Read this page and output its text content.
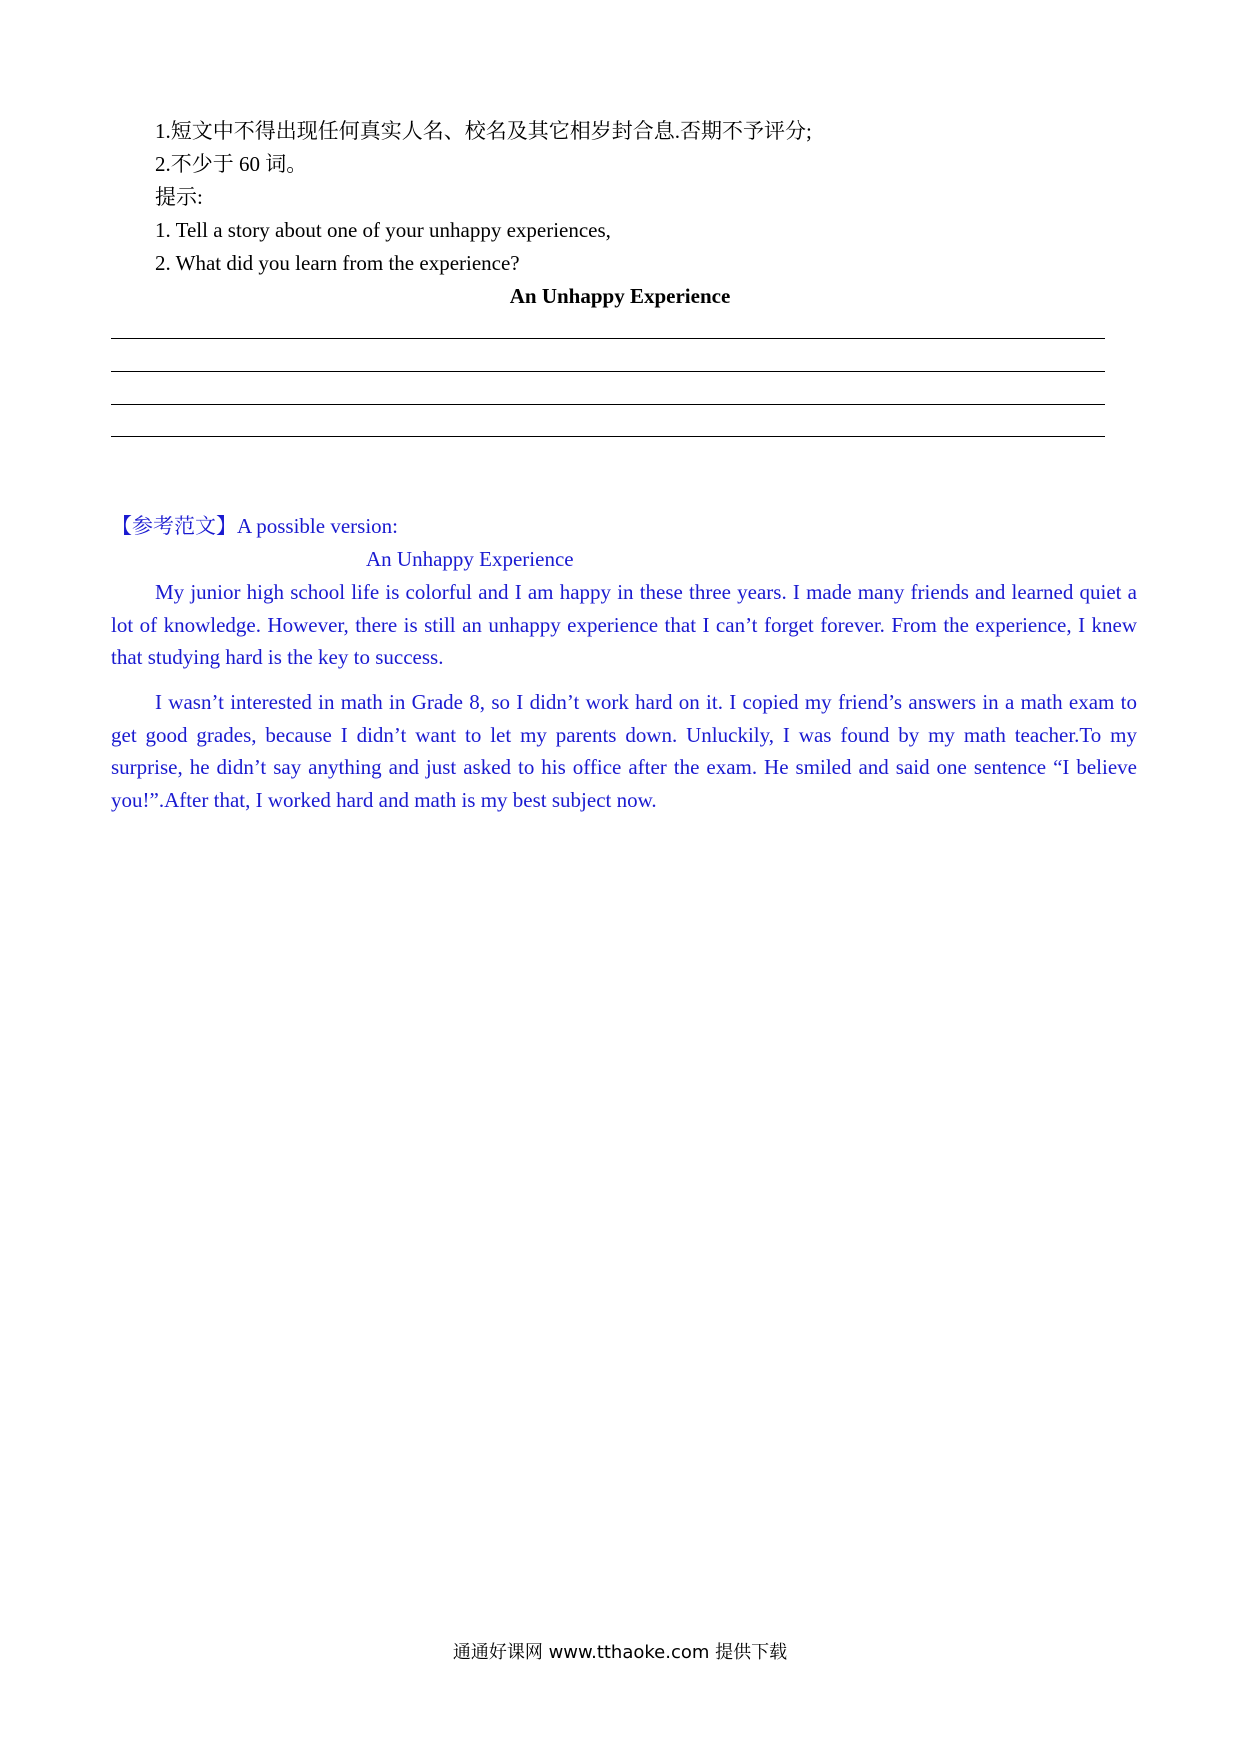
1.短文中不得出现任何真实人名、校名及其它相岁封合息.否期不予评分;
2.不少于 60 词。
提示:
1. Tell a story about one of your unhappy experiences,
2. What did you learn from the experience?
An Unhappy Experience
【参考范文】A possible version:
An Unhappy Experience
My junior high school life is colorful and I am happy in these three years. I made many friends and learned quiet a lot of knowledge. However, there is still an unhappy experience that I can’t forget forever. From the experience, I knew that studying hard is the key to success.
I wasn’t interested in math in Grade 8, so I didn’t work hard on it. I copied my friend’s answers in a math exam to get good grades, because I didn’t want to let my parents down. Unluckily, I was found by my math teacher.To my surprise, he didn’t say anything and just asked to his office after the exam. He smiled and said one sentence “I believe you!”.After that, I worked hard and math is my best subject now.
通通好课网 www.tthaoke.com 提供下载
